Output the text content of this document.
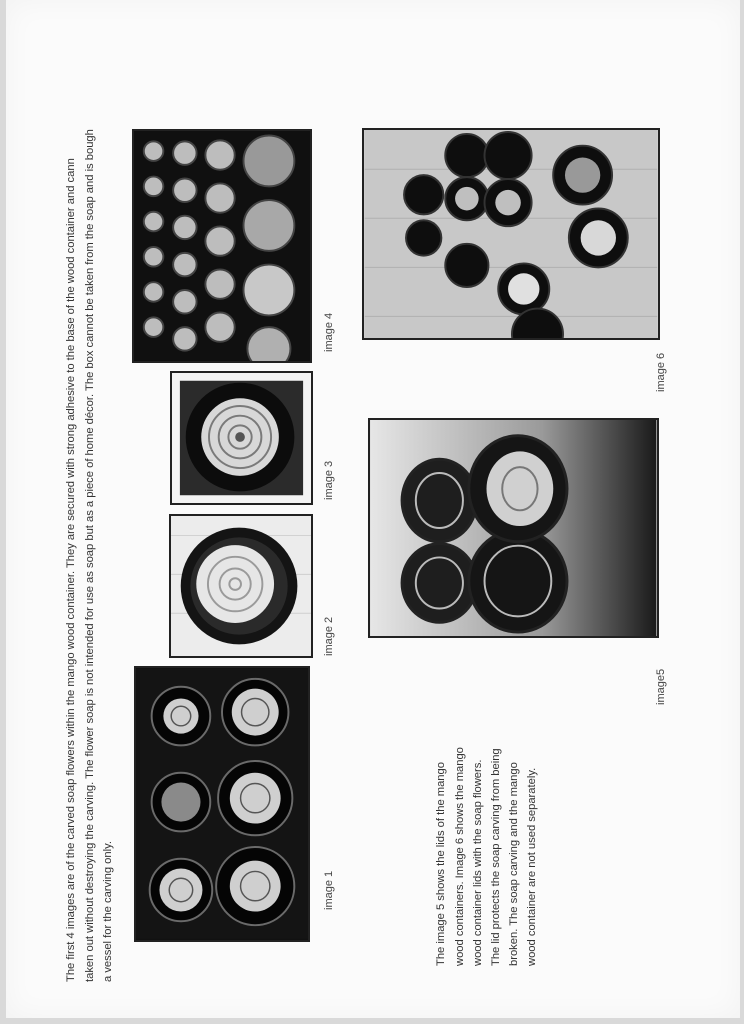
The first 4 images are of the carved soap flowers within the mango wood container. They are secured with strong adhesive to the base of the wood container and cann taken out without destroying the carving. The flower soap is not intended for use as soap but as a piece of home décor. The box cannot be taken from the soap and is bough a vessel for the carving only.	image 1
image 2
image 3
image 4
image5
image 6
The image 5 shows the lids of the mango wood containers. Image 6 shows the mango wood container lids with the soap flowers. The lid protects the soap carving from being broken. The soap carving and the mango wood container are not used separately.
